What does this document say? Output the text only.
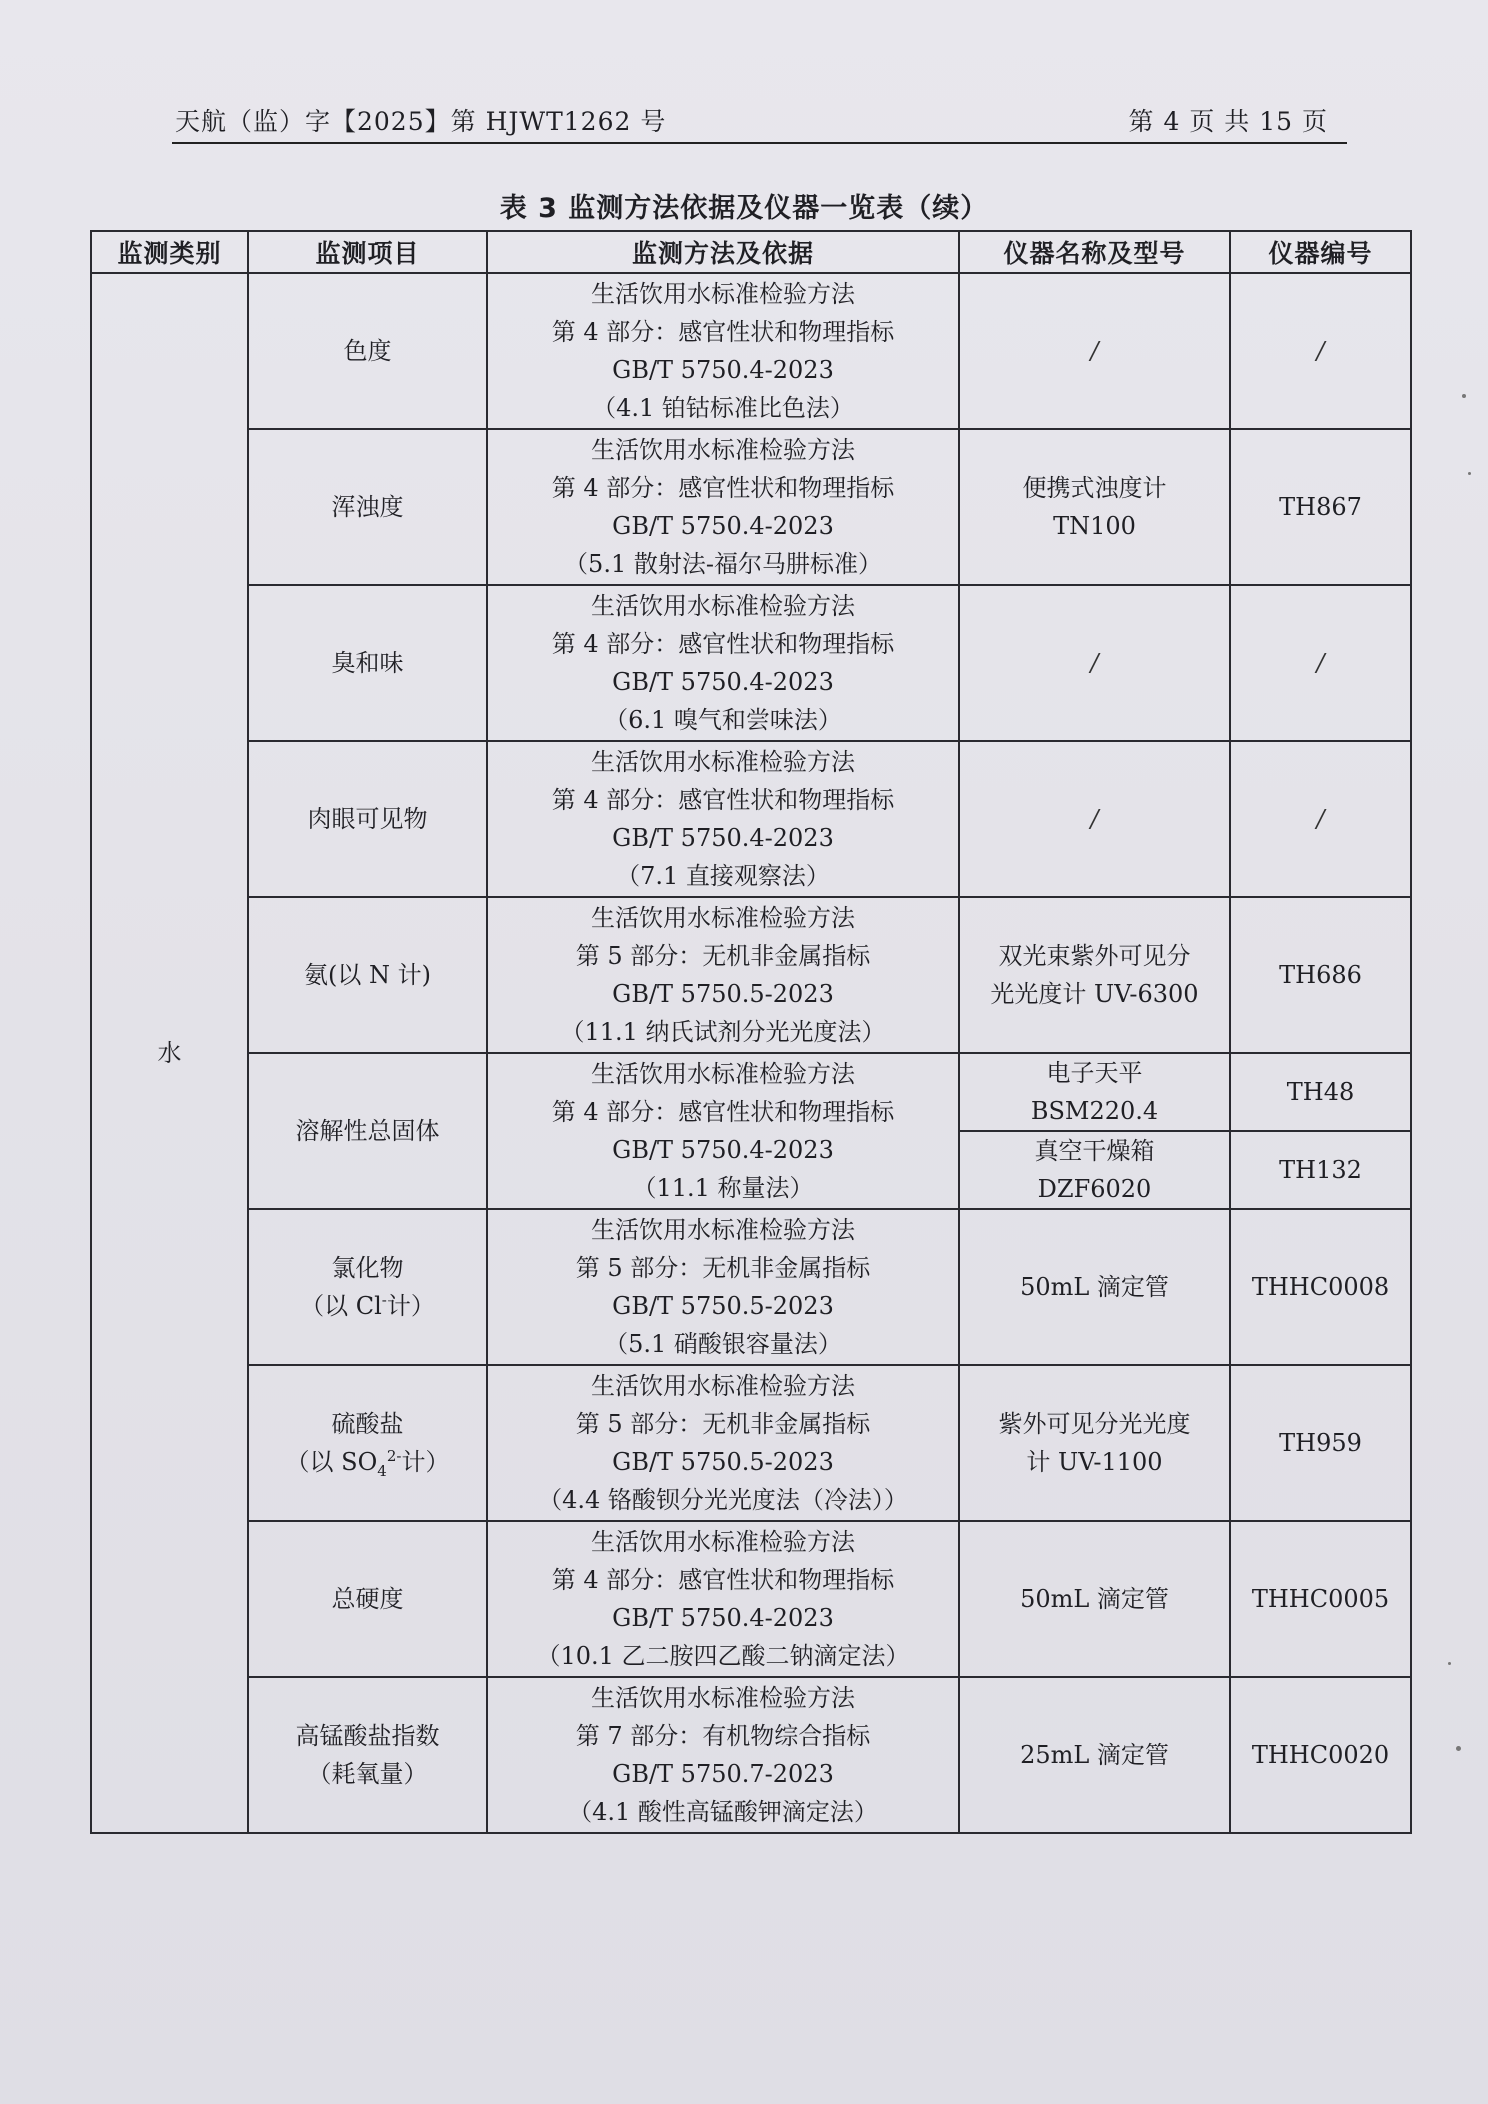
天航（监）字【2025】第 HJWT1262 号	第 4 页 共 15 页
表 3 监测方法依据及仪器一览表（续）
监测类别	监测项目	监测方法及依据	仪器名称及型号	仪器编号
水	色度	生活饮用水标准检验方法
第 4 部分：感官性状和物理指标
GB/T 5750.4-2023
（4.1 铂钴标准比色法）	/	/
	浑浊度	生活饮用水标准检验方法
第 4 部分：感官性状和物理指标
GB/T 5750.4-2023
（5.1 散射法-福尔马肼标准）	便携式浊度计
TN100	TH867
	臭和味	生活饮用水标准检验方法
第 4 部分：感官性状和物理指标
GB/T 5750.4-2023
（6.1 嗅气和尝味法）	/	/
	肉眼可见物	生活饮用水标准检验方法
第 4 部分：感官性状和物理指标
GB/T 5750.4-2023
（7.1 直接观察法）	/	/
	氨(以 N 计)	生活饮用水标准检验方法
第 5 部分：无机非金属指标
GB/T 5750.5-2023
（11.1 纳氏试剂分光光度法）	双光束紫外可见分
光光度计 UV-6300	TH686
	溶解性总固体	生活饮用水标准检验方法
第 4 部分：感官性状和物理指标
GB/T 5750.4-2023
（11.1 称量法）	电子天平
BSM220.4	TH48
			真空干燥箱
DZF6020	TH132

	氯化物
（以 Cl-计）	生活饮用水标准检验方法
第 5 部分：无机非金属指标
GB/T 5750.5-2023
（5.1 硝酸银容量法）	50mL 滴定管	THHC0008

	硫酸盐
（以 $SO_4^{2-}$计）	生活饮用水标准检验方法
第 5 部分：无机非金属指标
GB/T 5750.5-2023
（4.4 铬酸钡分光光度法（冷法））	紫外可见分光光度
计 UV-1100	TH959
	总硬度	生活饮用水标准检验方法
第 4 部分：感官性状和物理指标
GB/T 5750.4-2023
（10.1 乙二胺四乙酸二钠滴定法）	50mL 滴定管	THHC0005

	高锰酸盐指数
（耗氧量）	生活饮用水标准检验方法
第 7 部分：有机物综合指标
GB/T 5750.7-2023
（4.1 酸性高锰酸钾滴定法）	25mL 滴定管	THHC0020
